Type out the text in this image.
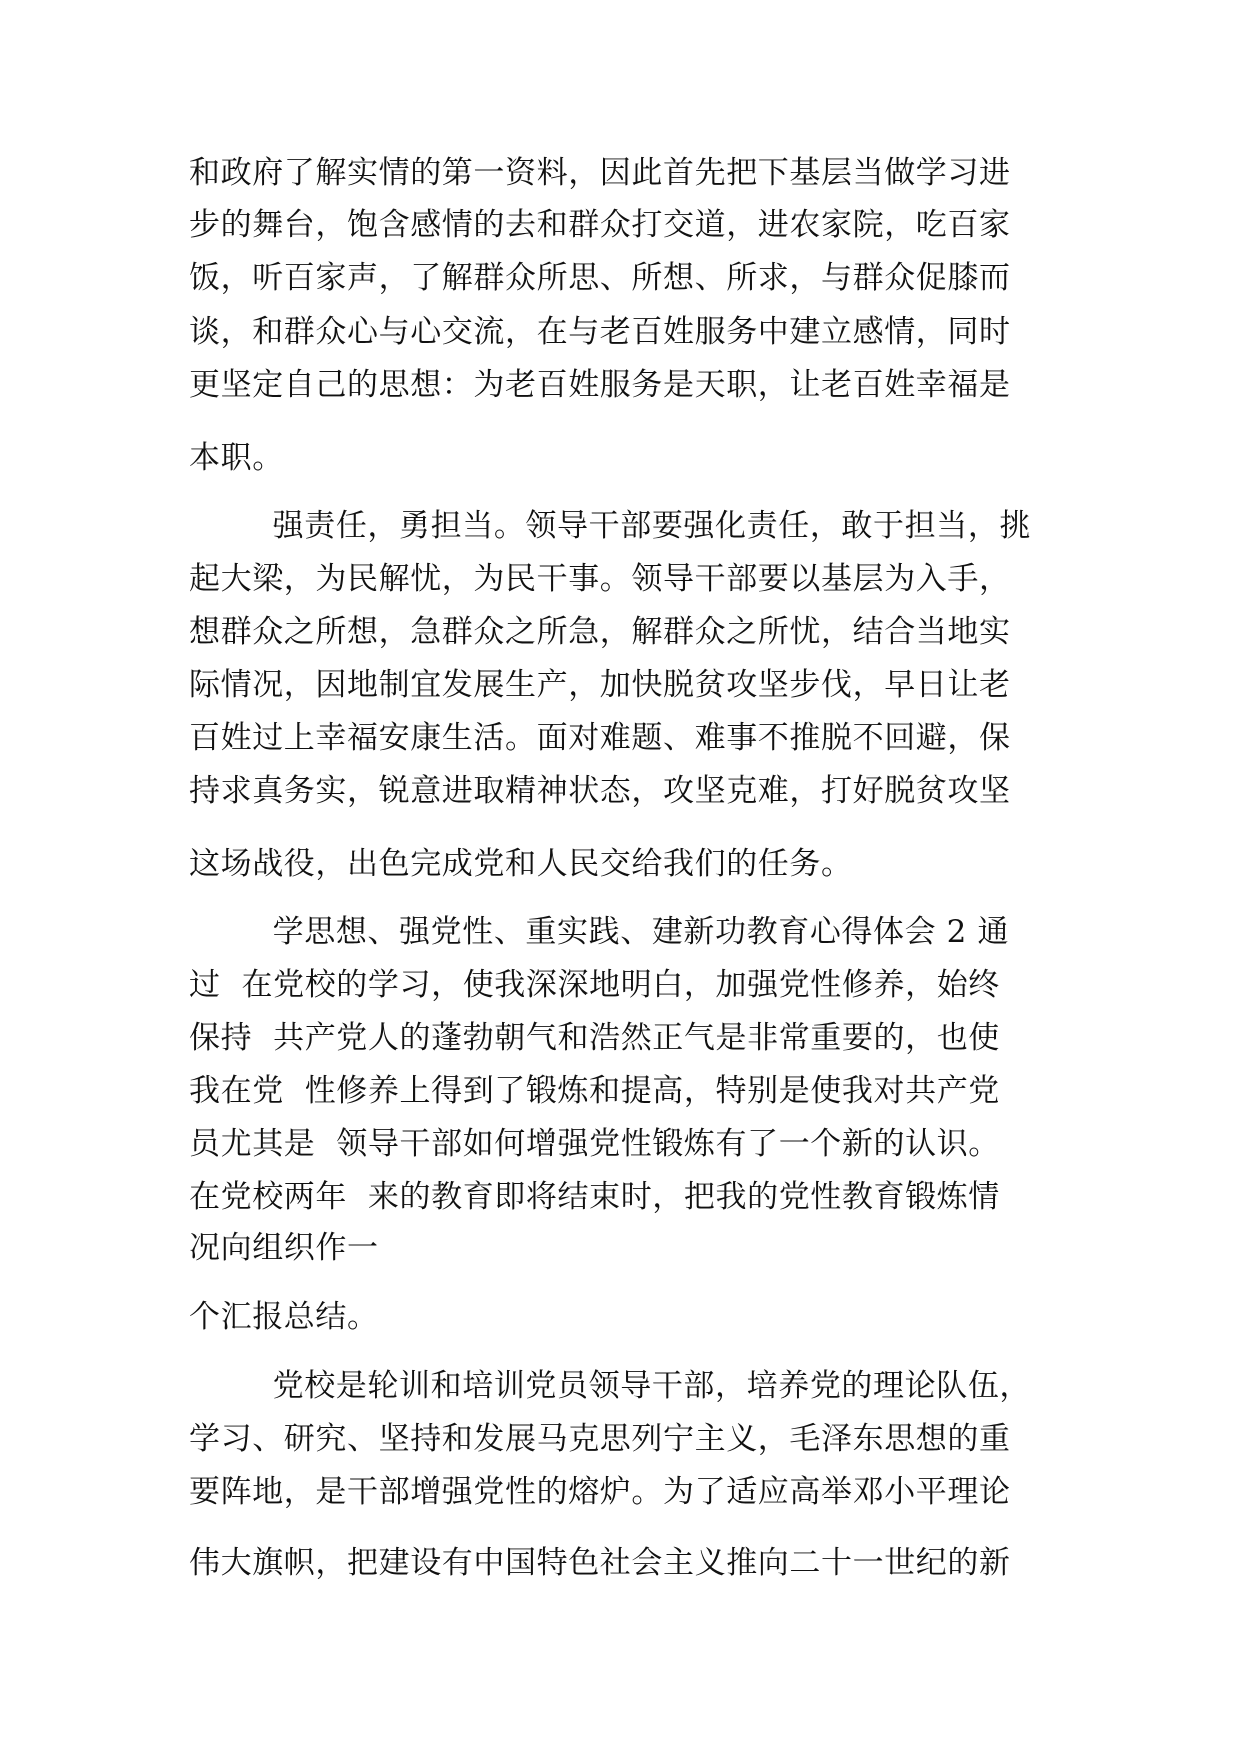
和政府了解实情的第一资料，因此首先把下基层当做学习进
步的舞台，饱含感情的去和群众打交道，进农家院，吃百家
饭，听百家声，了解群众所思、所想、所求，与群众促膝而
谈，和群众心与心交流，在与老百姓服务中建立感情，同时
更坚定自己的思想：为老百姓服务是天职，让老百姓幸福是
本职。
强责任，勇担当。领导干部要强化责任，敢于担当，挑
起大梁，为民解忧，为民干事。领导干部要以基层为入手，
想群众之所想，急群众之所急，解群众之所忧，结合当地实
际情况，因地制宜发展生产，加快脱贫攻坚步伐，早日让老
百姓过上幸福安康生活。面对难题、难事不推脱不回避，保
持求真务实，锐意进取精神状态，攻坚克难，打好脱贫攻坚
这场战役，出色完成党和人民交给我们的任务。
学思想、强党性、重实践、建新功教育心得体会 2 通
过  在党校的学习，使我深深地明白，加强党性修养，始终
保持  共产党人的蓬勃朝气和浩然正气是非常重要的，也使
我在党  性修养上得到了锻炼和提高，特别是使我对共产党
员尤其是  领导干部如何增强党性锻炼有了一个新的认识。
在党校两年  来的教育即将结束时，把我的党性教育锻炼情
况向组织作一
个汇报总结。
党校是轮训和培训党员领导干部，培养党的理论队伍，
学习、研究、坚持和发展马克思列宁主义，毛泽东思想的重
要阵地，是干部增强党性的熔炉。为了适应高举邓小平理论
伟大旗帜，把建设有中国特色社会主义推向二十一世纪的新
